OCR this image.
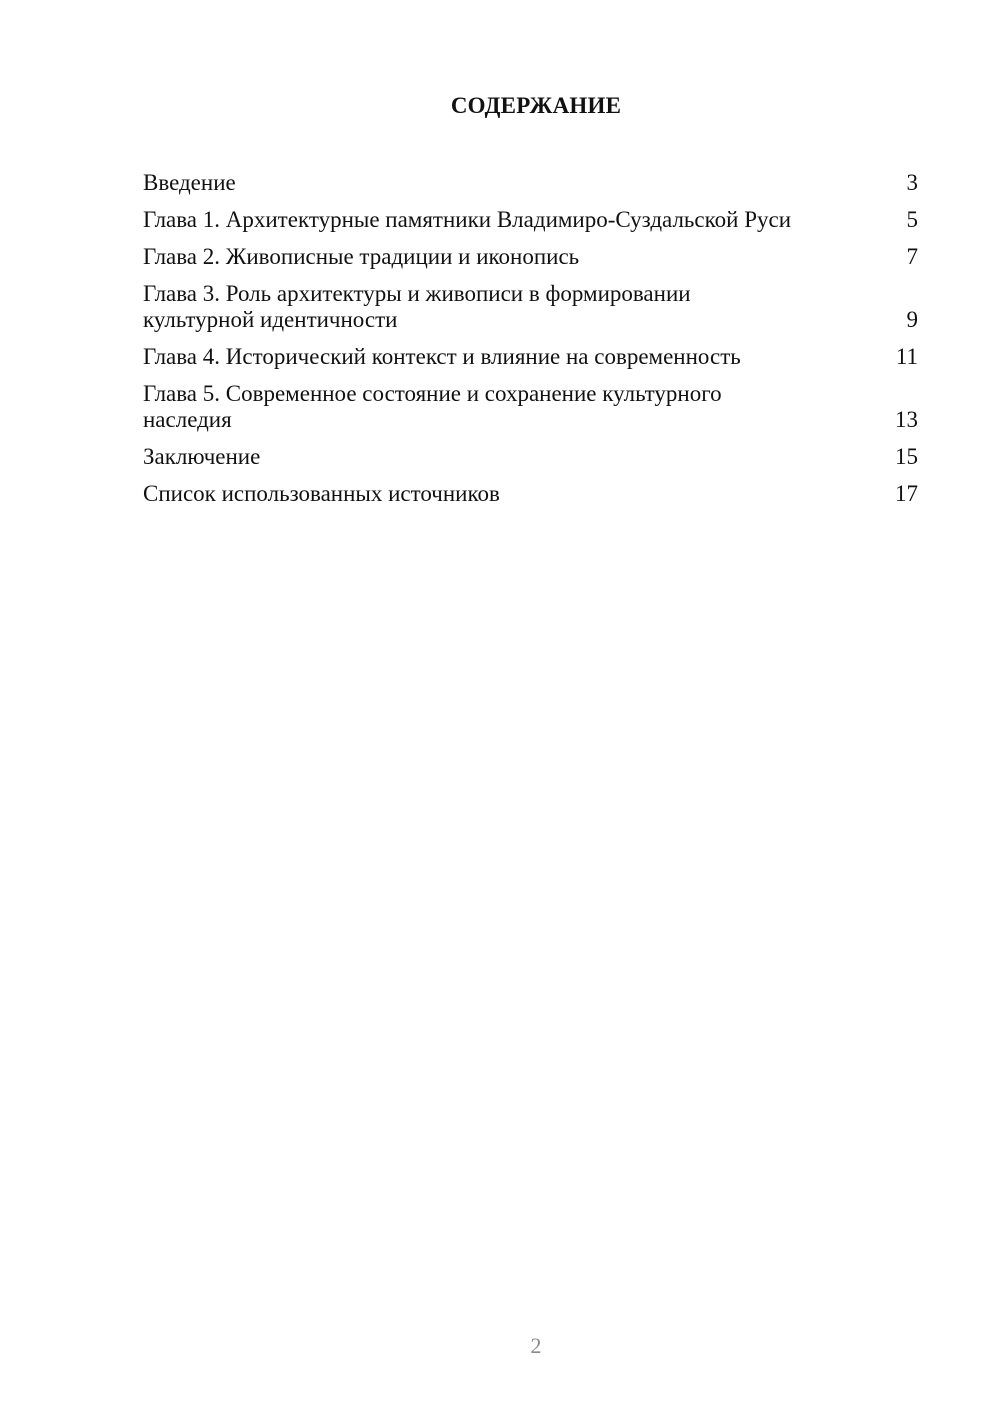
СОДЕРЖАНИЕ
Введение	3
Глава 1. Архитектурные памятники Владимиро-Суздальской Руси	5
Глава 2. Живописные традиции и иконопись	7
Глава 3. Роль архитектуры и живописи в формировании культурной идентичности	9
Глава 4. Исторический контекст и влияние на современность	11
Глава 5. Современное состояние и сохранение культурного наследия	13
Заключение	15
Список использованных источников	17
2
